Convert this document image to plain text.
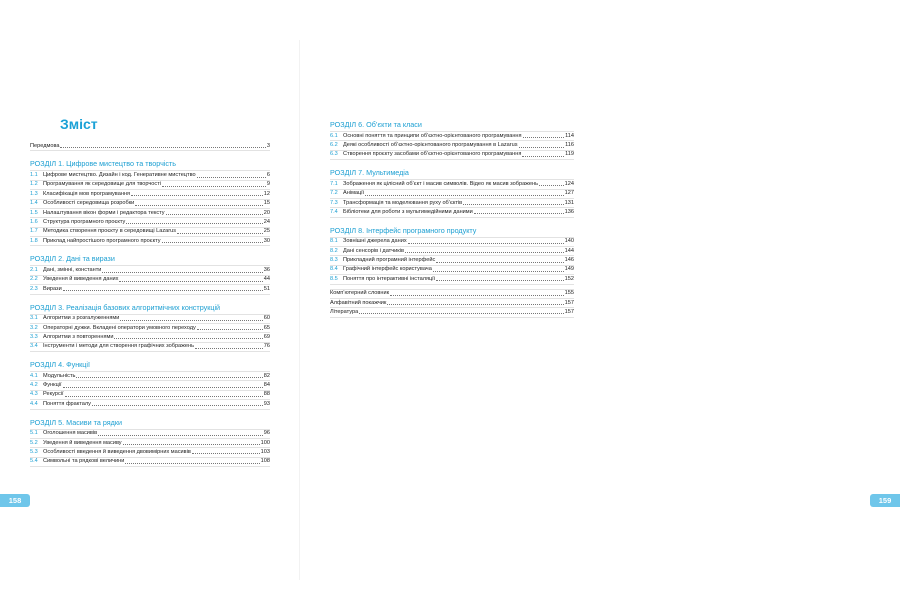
Зміст
Передмова	3
РОЗДІЛ 1. Цифрове мистецтво та творчість
1.1 Цифрове мистецтво. Дизайн і код. Генеративне мистецтво	6
1.2 Програмування як середовище для творчості	9
1.3 Класифікація мов програмування	12
1.4 Особливості середовища розробки	15
1.5 Налаштування вікон форми і редактора тексту	20
1.6 Структура програмного проєкту	24
1.7 Методика створення проєкту в середовищі Lazarus	25
1.8 Приклад найпростішого програмного проєкту	30
РОЗДІЛ 2. Дані та вирази
2.1 Дані, змінні, константи	36
2.2 Уведення й виведення даних	44
2.3 Вирази	51
РОЗДІЛ 3. Реалізація базових алгоритмічних конструкцій
3.1 Алгоритми з розгалуженнями	60
3.2 Операторні дужки. Вкладені оператори умовного переходу	65
3.3 Алгоритми з повтореннями	69
3.4 Інструменти і методи для створення графічних зображень	76
РОЗДІЛ 4. Функції
4.1 Модульність	82
4.2 Функції	84
4.3 Рекурсії	88
4.4 Поняття фракталу	93
РОЗДІЛ 5. Масиви та рядки
5.1 Оголошення масивів	96
5.2 Уведення й виведення масиву	100
5.3 Особливості введення й виведення двовимірних масивів	103
5.4 Символьні та рядкові величини	108
158
РОЗДІЛ 6. Об’єкти та класи
6.1 Основні поняття та принципи об’єктно-орієнтованого програмування	114
6.2 Деякі особливості об’єктно-орієнтованого програмування в Lazarus	116
6.3 Створення проєкту засобами об’єктно-орієнтованого програмування	119
РОЗДІЛ 7. Мультимедіа
7.1 Зображення як цілісний об’єкт і масив символів. Відео як масив зображень	124
7.2 Анімації	127
7.3 Трансформація та моделювання руху об’єктів	131
7.4 Бібліотеки для роботи з мультимедійними даними	136
РОЗДІЛ 8. Інтерфейс програмного продукту
8.1 Зовнішні джерела даних	140
8.2 Дані сенсорів і датчиків	144
8.3 Прикладний програмний інтерфейс	146
8.4 Графічний інтерфейс користувача	149
8.5 Поняття про інтерактивні інсталяції	152
Комп’ютерний словник	155
Алфавітний покажчик	157
Література	157
159
